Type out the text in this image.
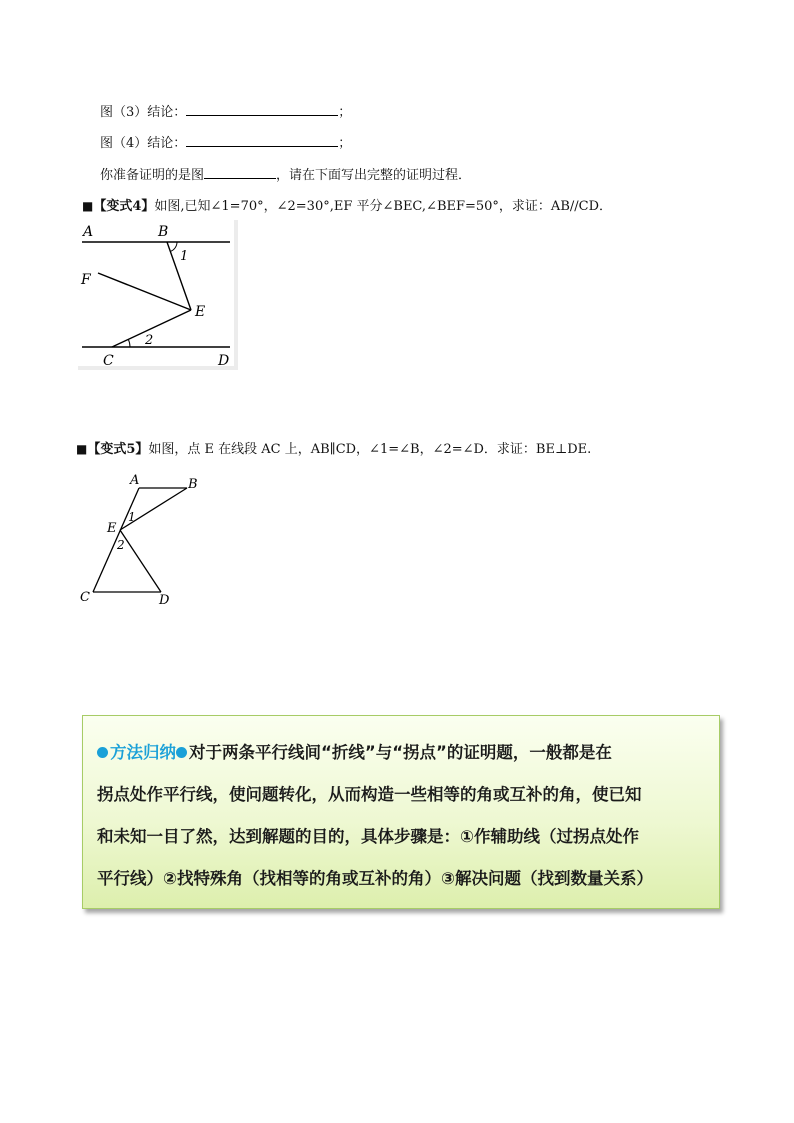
图（3）结论：	；
图（4）结论：	；
你准备证明的是图	，请在下面写出完整的证明过程．
■【变式4】如图,已知∠1=70°，∠2=30°,EF 平分∠BEC,∠BEF=50°，求证：AB//CD．
A	B
F
E
C	D
1
2
■【变式5】如图，点 E 在线段 AC 上，AB∥CD，∠1=∠B，∠2=∠D．求证：BE⊥DE.
A	B
E
C	D
1
2
方法归纳 对于两条平行线间“折线”与“拐点”的证明题，一般都是在
拐点处作平行线，使问题转化，从而构造一些相等的角或互补的角，使已知
和未知一目了然，达到解题的目的，具体步骤是：①作辅助线（过拐点处作
平行线）②找特殊角（找相等的角或互补的角）③解决问题（找到数量关系）
